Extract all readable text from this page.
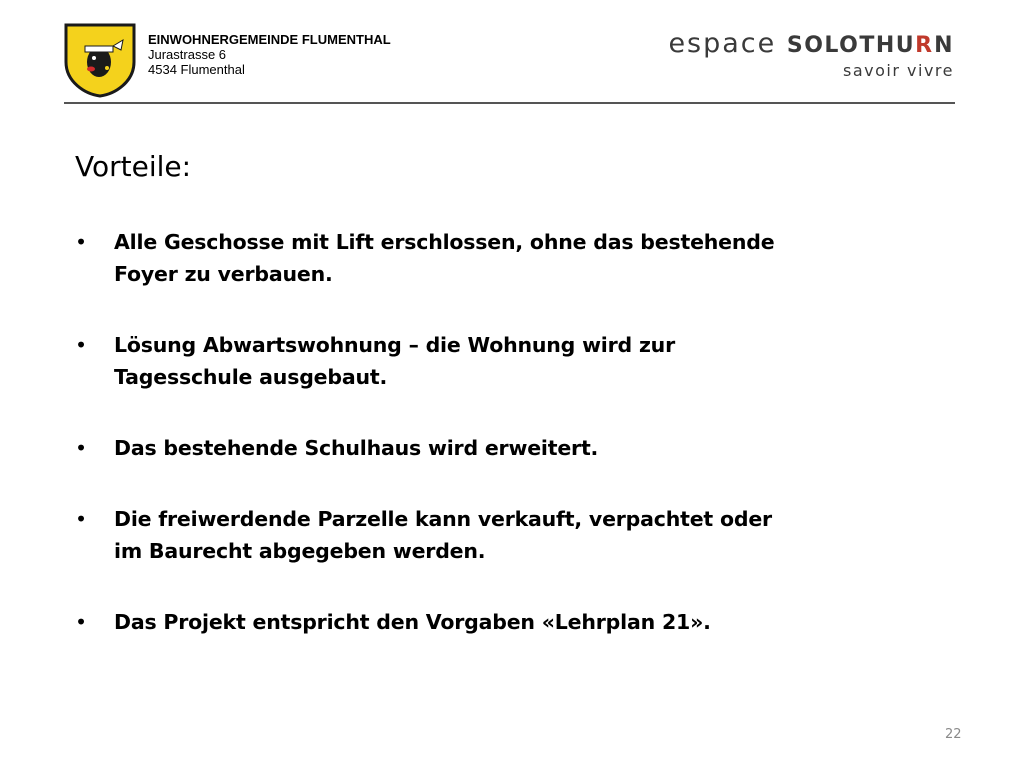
EINWOHNERGEMEINDE FLUMENTHAL
Jurastrasse 6
4534 Flumenthal
espace SOLOTHURN
savoir vivre
Vorteile:
• Alle Geschosse mit Lift erschlossen, ohne das bestehende Foyer zu verbauen.
• Lösung Abwartswohnung – die Wohnung wird zur Tagesschule ausgebaut.
• Das bestehende Schulhaus wird erweitert.
• Die freiwerdende Parzelle kann verkauft, verpachtet oder im Baurecht abgegeben werden.
• Das Projekt entspricht den Vorgaben «Lehrplan 21».
22
